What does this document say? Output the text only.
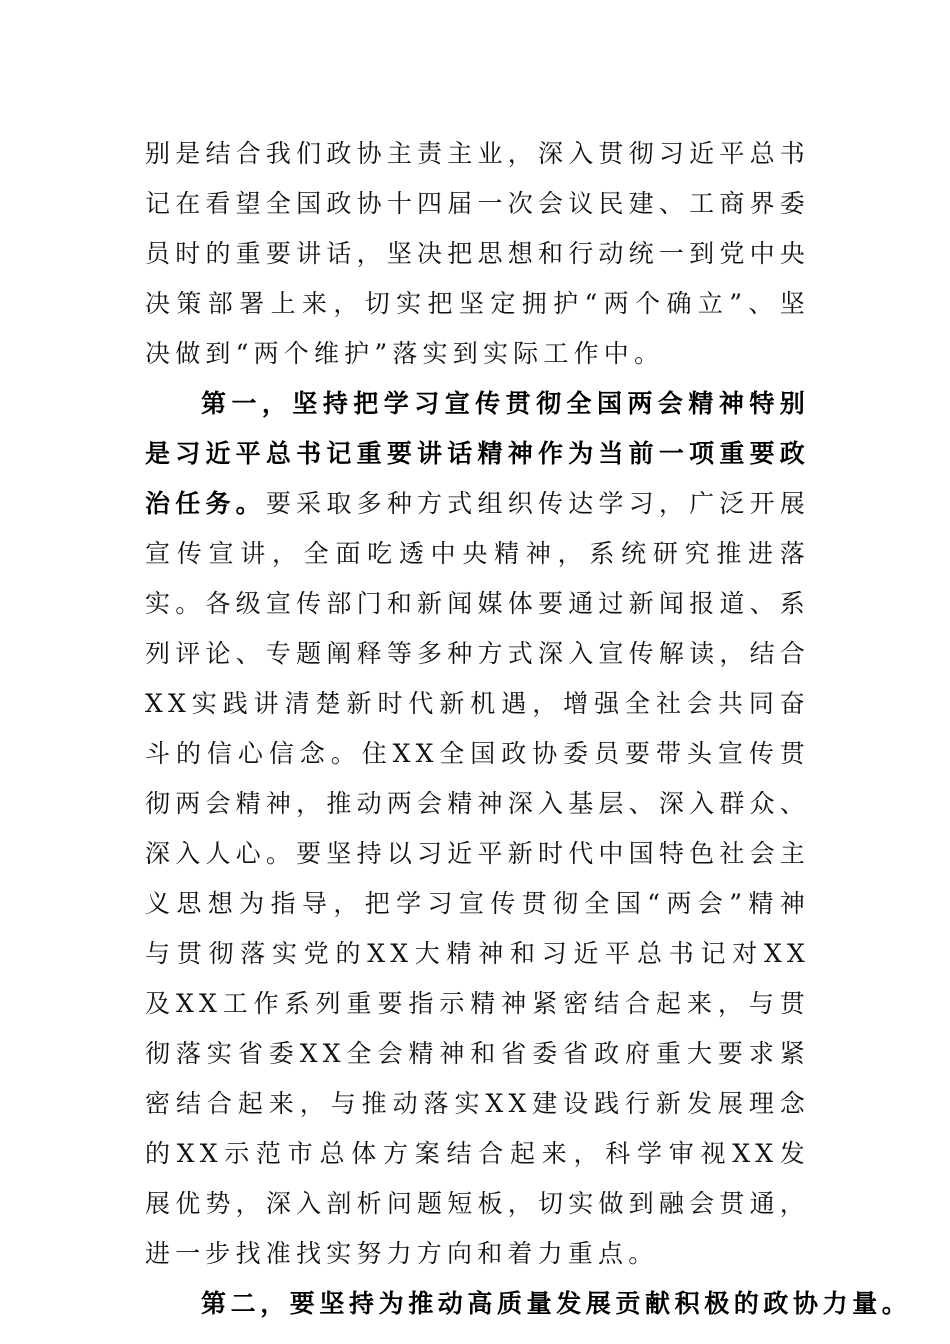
别是结合我们政协主责主业，深入贯彻习近平总书记在看望全国政协十四届一次会议民建、工商界委员时的重要讲话，坚决把思想和行动统一到党中央决策部署上来，切实把坚定拥护“两个确立”、坚决做到“两个维护”落实到实际工作中。

第一，坚持把学习宣传贯彻全国两会精神特别是习近平总书记重要讲话精神作为当前一项重要政治任务。要采取多种方式组织传达学习，广泛开展宣传宣讲，全面吃透中央精神，系统研究推进落实。各级宣传部门和新闻媒体要通过新闻报道、系列评论、专题阐释等多种方式深入宣传解读，结合XX实践讲清楚新时代新机遇，增强全社会共同奋斗的信心信念。住XX全国政协委员要带头宣传贯彻两会精神，推动两会精神深入基层、深入群众、深入人心。要坚持以习近平新时代中国特色社会主义思想为指导，把学习宣传贯彻全国“两会”精神与贯彻落实党的XX大精神和习近平总书记对XX及XX工作系列重要指示精神紧密结合起来，与贯彻落实省委XX全会精神和省委省政府重大要求紧密结合起来，与推动落实XX建设践行新发展理念的XX示范市总体方案结合起来，科学审视XX发展优势，深入剖析问题短板，切实做到融会贯通，进一步找准找实努力方向和着力重点。

第二，要坚持为推动高质量发展贡献积极的政协力量。
